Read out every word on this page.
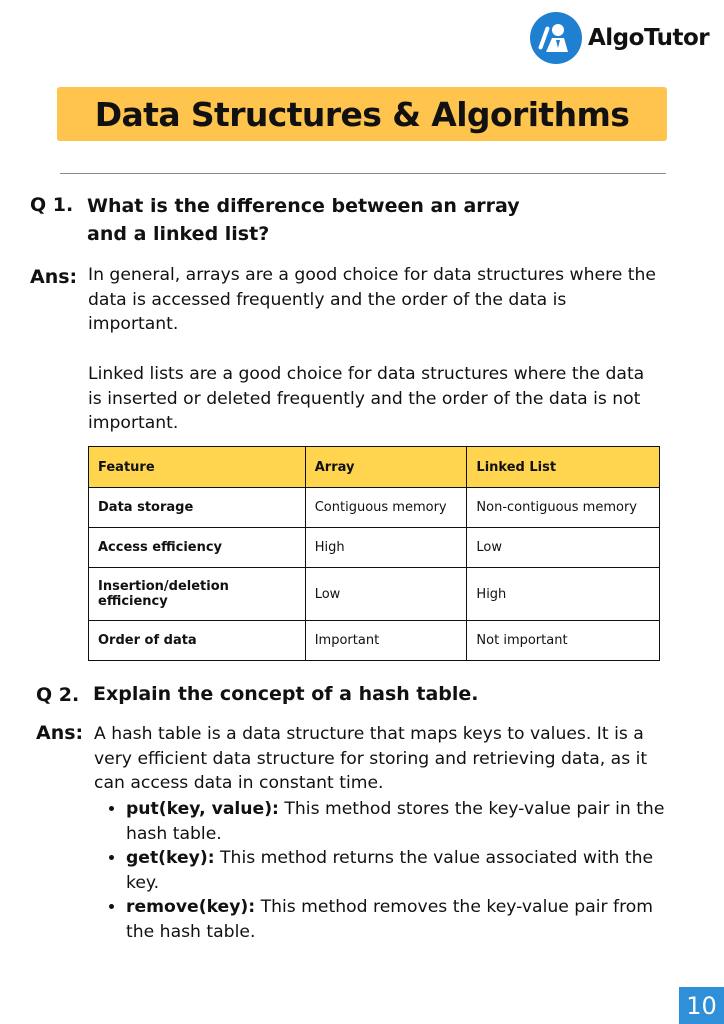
AlgoTutor
Data Structures & Algorithms
Q 1. What is the difference between an array
and a linked list?
Ans: In general, arrays are a good choice for data structures where the
data is accessed frequently and the order of the data is
important.
Linked lists are a good choice for data structures where the data
is inserted or deleted frequently and the order of the data is not
important.
Feature	Array	Linked List
Data storage	Contiguous memory	Non-contiguous memory
Access efficiency	High	Low
Insertion/deletion efficiency	Low	High
Order of data	Important	Not important
Q 2. Explain the concept of a hash table.
Ans: A hash table is a data structure that maps keys to values. It is a
very efficient data structure for storing and retrieving data, as it
can access data in constant time.
• put(key, value): This method stores the key-value pair in the
hash table.
• get(key): This method returns the value associated with the
key.
• remove(key): This method removes the key-value pair from
the hash table.
10
